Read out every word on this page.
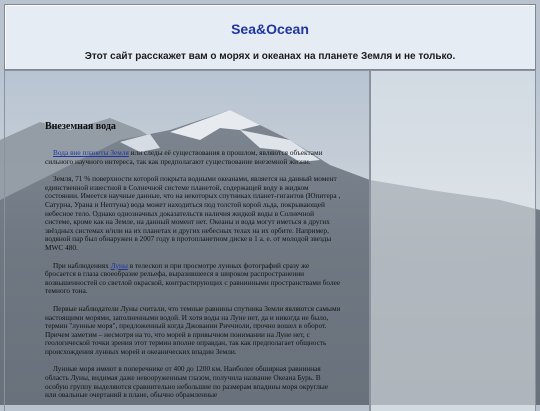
Sea&Ocean
Этот сайт расскажет вам о морях и океанах на планете Земля и не только.
Внеземная вода

Вода вне планеты Земля или следы её существования в прошлом, являются объектами сильного научного интереса, так как предполагают существование внеземной жизни.

Земля, 71 % поверхности которой покрыта водными океанами, является на данный момент единственной известной в Солнечной системе планетой, содержащей воду в жидком состоянии. Имеется научные данные, что на некоторых спутниках планет-гигантов (Юпитера , Сатурна, Урана и Нептуна) вода может находиться под толстой корой льда, покрывающей небесное тело. Однако однозначных доказательств наличия жидкой воды в Солнечной системе, кроме как на Земле, на данный момент нет. Океаны и вода могут иметься в других звёздных системах и/или на их планетах и других небесных телах на их орбите. Например, водяной пар был обнаружен в 2007 году в протопланетном диске в 1 а. е. от молодой звезды MWC 480.

При наблюдениях Луны в телескоп и при просмотре лунных фотографий сразу же бросается в глаза своеобразие рельефа, выразившееся в широком распространении возвышенностей со светлой окраской, контрастирующих с равнинными пространствами более темного тона.

Первые наблюдатели Луны считали, что темные равнины спутника Земли являются самыми настоящими морями, заполненными водой. И хотя воды на Луне нет, да и никогда не было, термин "лунные моря", предложенный когда Джованни Риччиоли, прочно вошел в оборот. Причем заметим – несмотря на то, что морей в привычном понимании на Луне нет, с геологической точки зрения этот термин вполне оправдан, так как предполагает общность происхождения лунных морей и океанических впадин Земли.

Лунные моря имеют в поперечнике от 400 до 1200 км. Наиболее обширная равнинная область Луны, видимая даже невооруженным глазом, получила название Океана Бурь. В особую группу выделяются сравнительно небольшие по размерам впадины моря округлые или овальные очертаний в плане, обычно обрамленные
